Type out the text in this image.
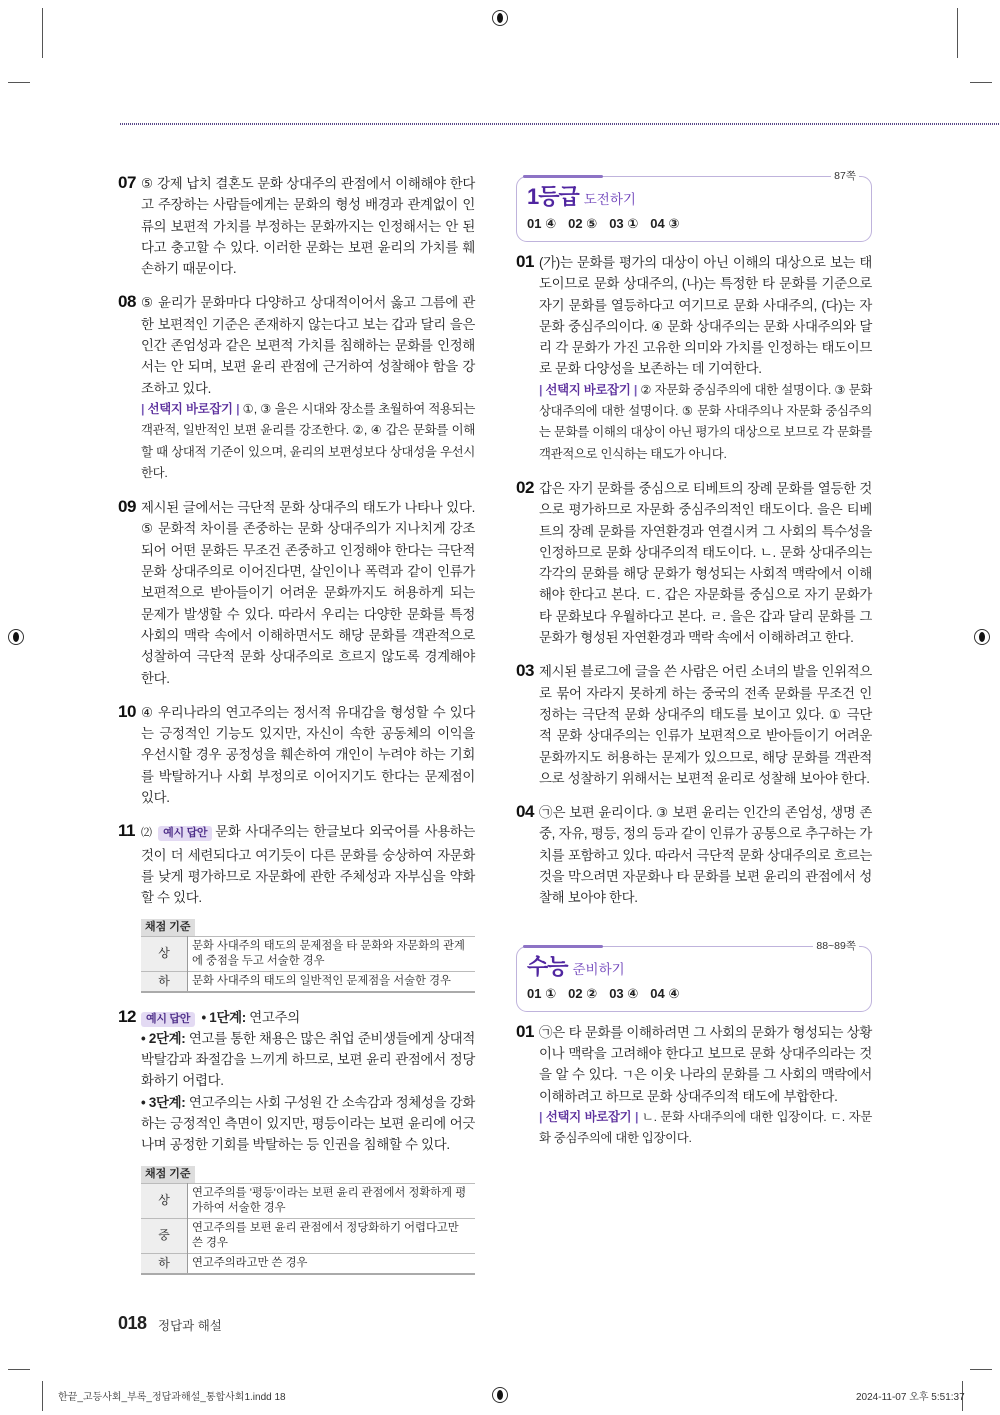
07 ⑤ 강제 납치 결혼도 문화 상대주의 관점에서 이해해야 한다고 주장하는 사람들에게는 문화의 형성 배경과 관계없이 인류의 보편적 가치를 부정하는 문화까지는 인정해서는 안 된다고 충고할 수 있다. 이러한 문화는 보편 윤리의 가치를 훼손하기 때문이다.
08 ⑤ 윤리가 문화마다 다양하고 상대적이어서 옳고 그름에 관한 보편적인 기준은 존재하지 않는다고 보는 갑과 달리 을은 인간 존엄성과 같은 보편적 가치를 침해하는 문화를 인정해서는 안 되며, 보편 윤리 관점에 근거하여 성찰해야 함을 강조하고 있다.
| 선택지 바로잡기 | ①, ③ 을은 시대와 장소를 초월하여 적용되는 객관적, 일반적인 보편 윤리를 강조한다. ②, ④ 갑은 문화를 이해할 때 상대적 기준이 있으며, 윤리의 보편성보다 상대성을 우선시한다.
09 제시된 글에서는 극단적 문화 상대주의 태도가 나타나 있다. ⑤ 문화적 차이를 존중하는 문화 상대주의가 지나치게 강조되어 어떤 문화든 무조건 존중하고 인정해야 한다는 극단적 문화 상대주의로 이어진다면, 살인이나 폭력과 같이 인류가 보편적으로 받아들이기 어려운 문화까지도 허용하게 되는 문제가 발생할 수 있다. 따라서 우리는 다양한 문화를 특정 사회의 맥락 속에서 이해하면서도 해당 문화를 객관적으로 성찰하여 극단적 문화 상대주의로 흐르지 않도록 경계해야 한다.
10 ④ 우리나라의 연고주의는 정서적 유대감을 형성할 수 있다는 긍정적인 기능도 있지만, 자신이 속한 공동체의 이익을 우선시할 경우 공정성을 훼손하여 개인이 누려야 하는 기회를 박탈하거나 사회 부정의로 이어지기도 한다는 문제점이 있다.
11 ⑵ 예시 답안 문화 사대주의는 한글보다 외국어를 사용하는 것이 더 세련되다고 여기듯이 다른 문화를 숭상하여 자문화를 낮게 평가하므로 자문화에 관한 주체성과 자부심을 약화할 수 있다.
채점 기준
상	문화 사대주의 태도의 문제점을 타 문화와 자문화의 관계에 중점을 두고 서술한 경우
하	문화 사대주의 태도의 일반적인 문제점을 서술한 경우
12 예시 답안 • 1단계: 연고주의
• 2단계: 연고를 통한 채용은 많은 취업 준비생들에게 상대적 박탈감과 좌절감을 느끼게 하므로, 보편 윤리 관점에서 정당화하기 어렵다.
• 3단계: 연고주의는 사회 구성원 간 소속감과 정체성을 강화하는 긍정적인 측면이 있지만, 평등이라는 보편 윤리에 어긋나며 공정한 기회를 박탈하는 등 인권을 침해할 수 있다.
채점 기준
상	연고주의를 '평등'이라는 보편 윤리 관점에서 정확하게 평가하여 서술한 경우
중	연고주의를 보편 윤리 관점에서 정당화하기 어렵다고만 쓴 경우
하	연고주의라고만 쓴 경우
1등급 도전하기
87쪽
01 ④ 02 ⑤ 03 ① 04 ③
01 (가)는 문화를 평가의 대상이 아닌 이해의 대상으로 보는 태도이므로 문화 상대주의, (나)는 특정한 타 문화를 기준으로 자기 문화를 열등하다고 여기므로 문화 사대주의, (다)는 자문화 중심주의이다. ④ 문화 상대주의는 문화 사대주의와 달리 각 문화가 가진 고유한 의미와 가치를 인정하는 태도이므로 문화 다양성을 보존하는 데 기여한다.
| 선택지 바로잡기 | ② 자문화 중심주의에 대한 설명이다. ③ 문화 상대주의에 대한 설명이다. ⑤ 문화 사대주의나 자문화 중심주의는 문화를 이해의 대상이 아닌 평가의 대상으로 보므로 각 문화를 객관적으로 인식하는 태도가 아니다.
02 갑은 자기 문화를 중심으로 티베트의 장례 문화를 열등한 것으로 평가하므로 자문화 중심주의적인 태도이다. 을은 티베트의 장례 문화를 자연환경과 연결시켜 그 사회의 특수성을 인정하므로 문화 상대주의적 태도이다. ㄴ. 문화 상대주의는 각각의 문화를 해당 문화가 형성되는 사회적 맥락에서 이해해야 한다고 본다. ㄷ. 갑은 자문화를 중심으로 자기 문화가 타 문화보다 우월하다고 본다. ㄹ. 을은 갑과 달리 문화를 그 문화가 형성된 자연환경과 맥락 속에서 이해하려고 한다.
03 제시된 블로그에 글을 쓴 사람은 어린 소녀의 발을 인위적으로 묶어 자라지 못하게 하는 중국의 전족 문화를 무조건 인정하는 극단적 문화 상대주의 태도를 보이고 있다. ① 극단적 문화 상대주의는 인류가 보편적으로 받아들이기 어려운 문화까지도 허용하는 문제가 있으므로, 해당 문화를 객관적으로 성찰하기 위해서는 보편적 윤리로 성찰해 보아야 한다.
04 ㉠은 보편 윤리이다. ③ 보편 윤리는 인간의 존엄성, 생명 존중, 자유, 평등, 정의 등과 같이 인류가 공통으로 추구하는 가치를 포함하고 있다. 따라서 극단적 문화 상대주의로 흐르는 것을 막으려면 자문화나 타 문화를 보편 윤리의 관점에서 성찰해 보아야 한다.
수능 준비하기
88~89쪽
01 ① 02 ② 03 ④ 04 ④
01 ㉠은 타 문화를 이해하려면 그 사회의 문화가 형성되는 상황이나 맥락을 고려해야 한다고 보므로 문화 상대주의라는 것을 알 수 있다. ㄱ은 이웃 나라의 문화를 그 사회의 맥락에서 이해하려고 하므로 문화 상대주의적 태도에 부합한다.
| 선택지 바로잡기 | ㄴ. 문화 사대주의에 대한 입장이다. ㄷ. 자문화 중심주의에 대한 입장이다.
018 정답과 해설
한끝_고등사회_부록_정답과해설_통합사회1.indd 18	2024-11-07 오후 5:51:37
